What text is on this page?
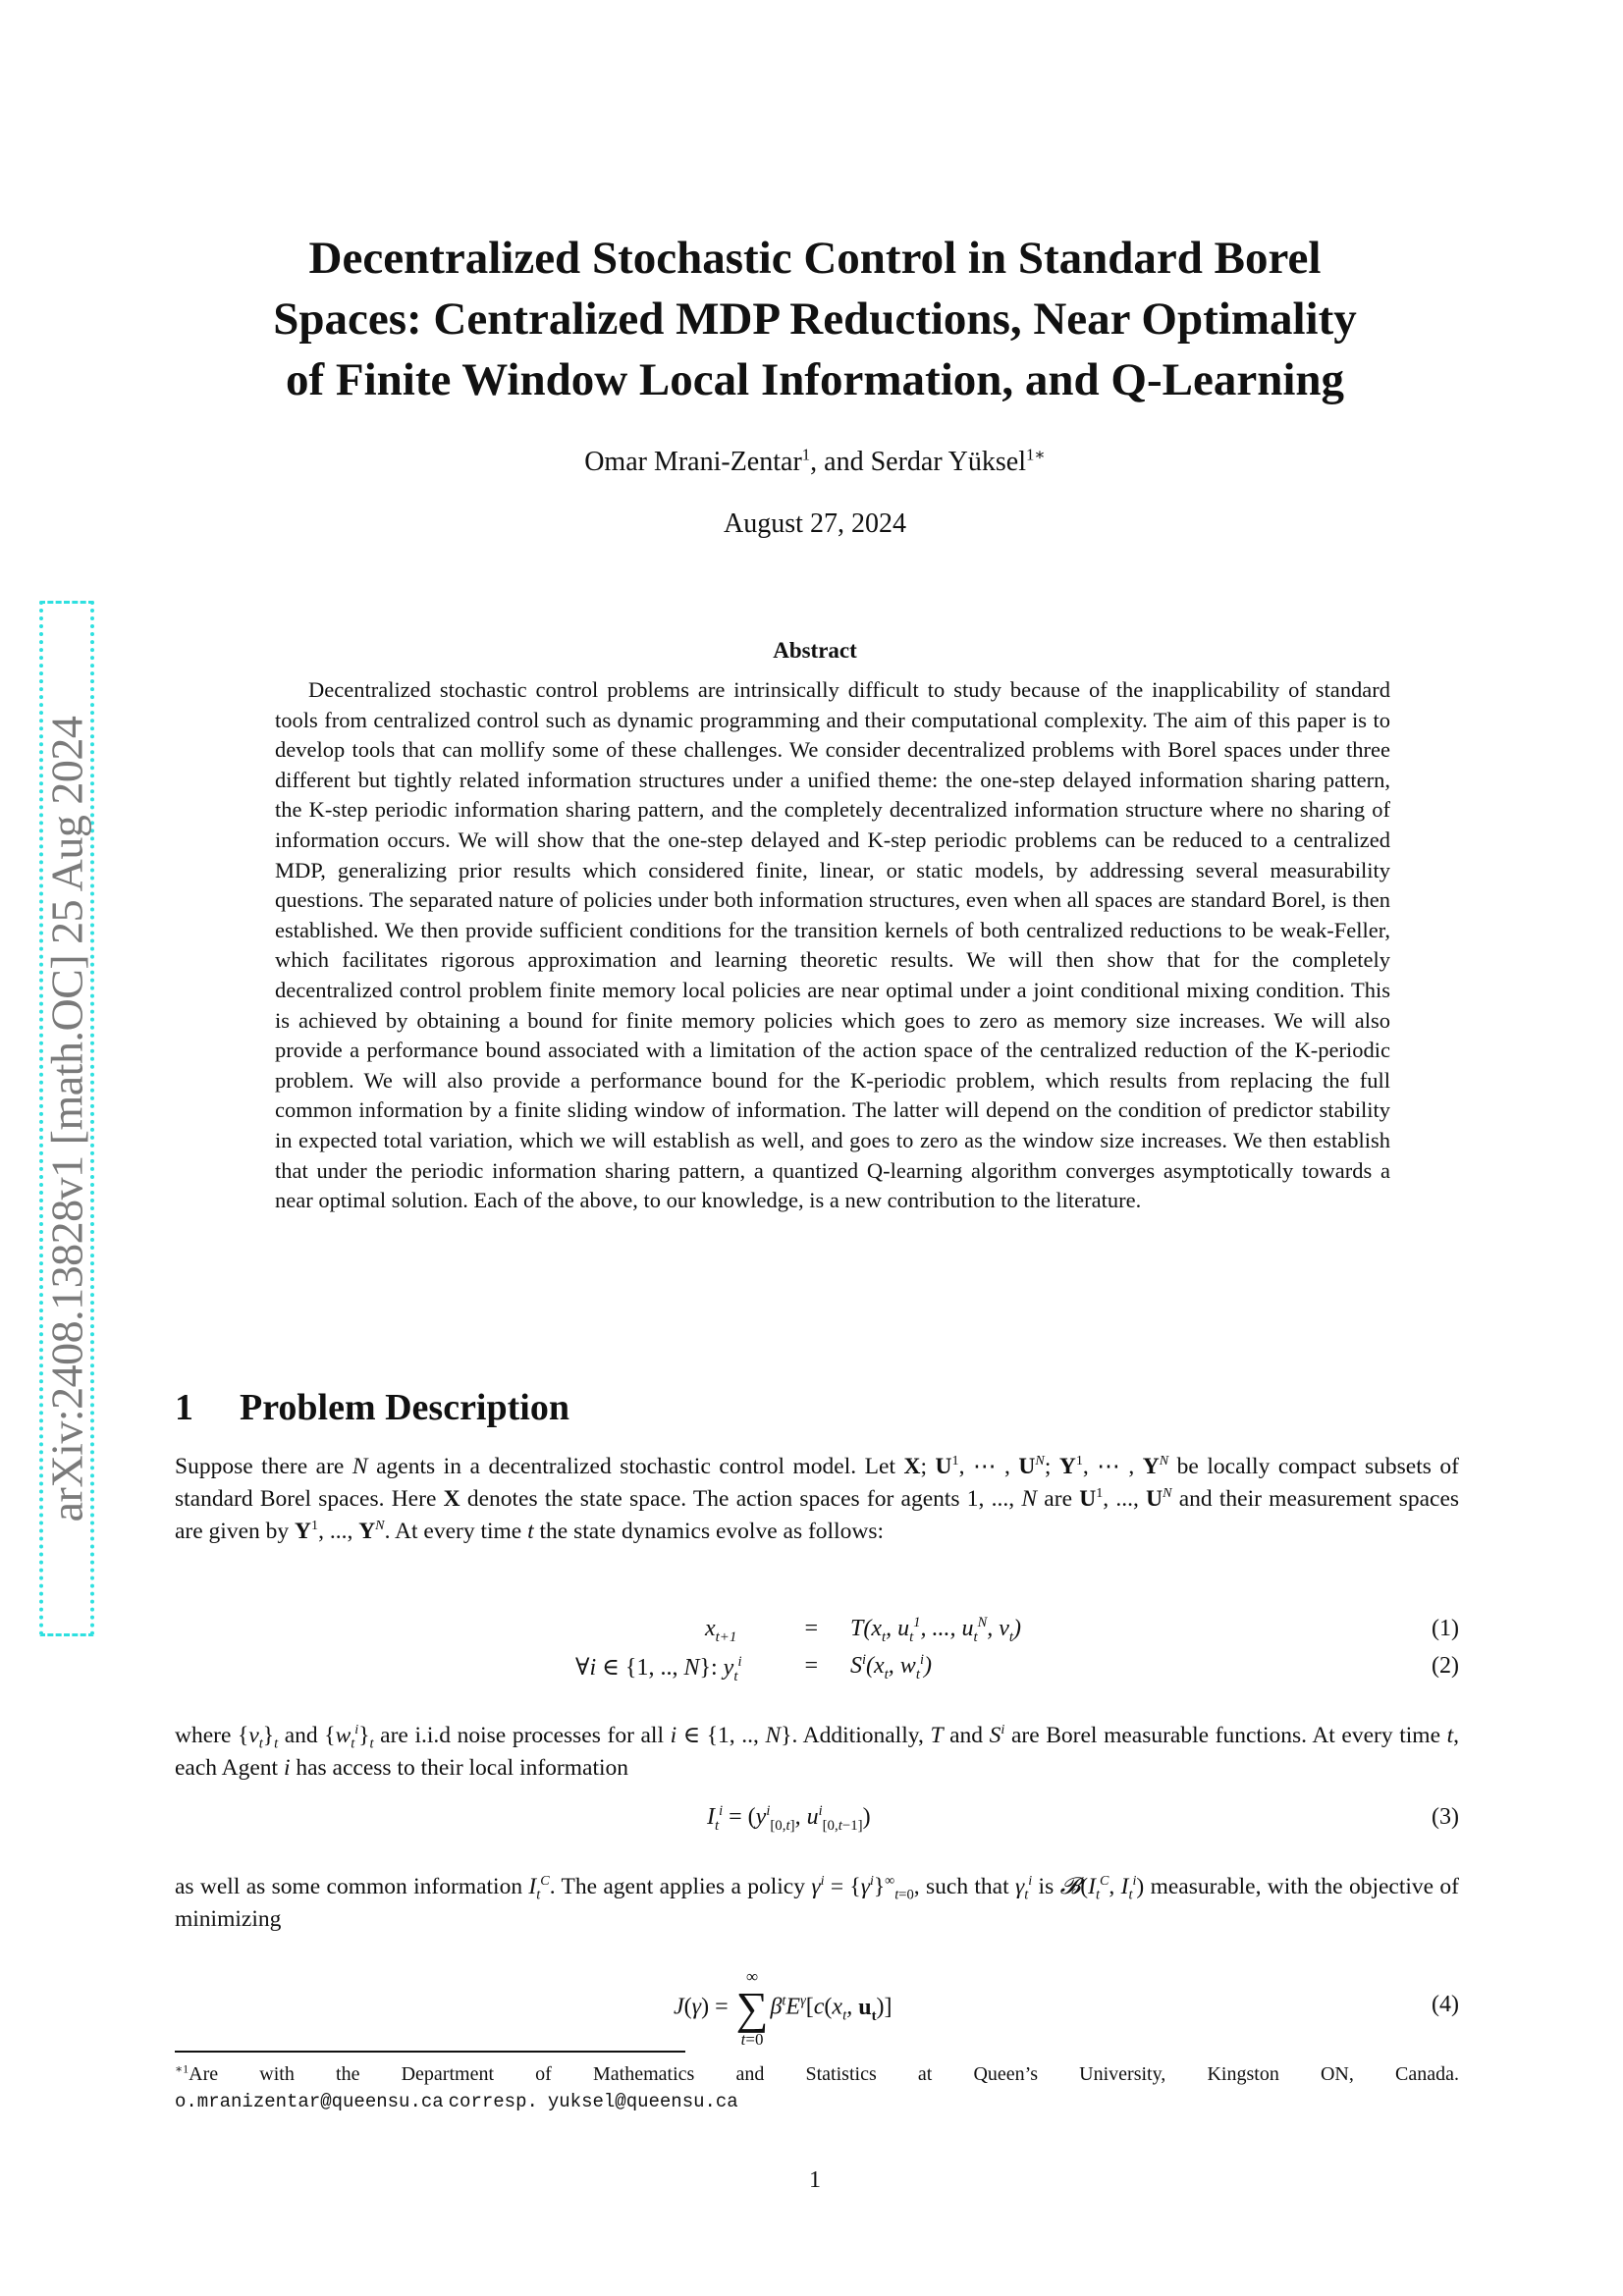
arXiv:2408.13828v1 [math.OC] 25 Aug 2024
Decentralized Stochastic Control in Standard Borel
Spaces: Centralized MDP Reductions, Near Optimality
of Finite Window Local Information, and Q-Learning
Omar Mrani-Zentar$^1$, and Serdar Yüksel$^{1∗}$
August 27, 2024
Abstract
Decentralized stochastic control problems are intrinsically difficult to study because of the inapplicability of standard tools from centralized control such as dynamic programming and their computational complexity. The aim of this paper is to develop tools that can mollify some of these challenges. We consider decentralized problems with Borel spaces under three different but tightly related information structures under a unified theme: the one-step delayed information sharing pattern, the K-step periodic information sharing pattern, and the completely decentralized information structure where no sharing of information occurs. We will show that the one-step delayed and K-step periodic problems can be reduced to a centralized MDP, generalizing prior results which considered finite, linear, or static models, by addressing several measurability questions. The separated nature of policies under both information structures, even when all spaces are standard Borel, is then established. We then provide sufficient conditions for the transition kernels of both centralized reductions to be weak-Feller, which facilitates rigorous approximation and learning theoretic results. We will then show that for the completely decentralized control problem finite memory local policies are near optimal under a joint conditional mixing condition. This is achieved by obtaining a bound for finite memory policies which goes to zero as memory size increases. We will also provide a performance bound associated with a limitation of the action space of the centralized reduction of the K-periodic problem. We will also provide a performance bound for the K-periodic problem, which results from replacing the full common information by a finite sliding window of information. The latter will depend on the condition of predictor stability in expected total variation, which we will establish as well, and goes to zero as the window size increases. We then establish that under the periodic information sharing pattern, a quantized Q-learning algorithm converges asymptotically towards a near optimal solution. Each of the above, to our knowledge, is a new contribution to the literature.
1 Problem Description
Suppose there are N agents in a decentralized stochastic control model. Let X; $U^1$, ⋯ , $U^N$; $Y^1$, ⋯ , $Y^N$ be locally compact subsets of standard Borel spaces. Here X denotes the state space. The action spaces for agents 1, ..., N are $U^1$, ..., $U^N$ and their measurement spaces are given by $Y^1$, ..., $Y^N$. At every time t the state dynamics evolve as follows:
$x_{t+1}$	= $T(x_t$, $u_t^1$, ..., $u_t^N$, $v_t$)	(1)
∀i ∈ {1, .., N}: $y_t^i$	= $S^i(x_t$, $w_t^i$)	(2)
where $\{v_t\}_t$ and $\{w_t^i\}_t$ are i.i.d noise processes for all i ∈ {1, .., N}. Additionally, T and $S^i$ are Borel measurable functions. At every time t, each Agent i has access to their local information
$I_t^i = (y^i_{[0,t]}$, $u^i_{[0,t-1]}$)	(3)
as well as some common information $I_t^C$. The agent applies a policy $\gamma^i = \{\gamma^i\}^\infty_{t=0}$, such that $\gamma_t^i$ is $𝓑(I_t^C$, $I_t^i$) measurable, with the objective of minimizing
J(γ) =
∞
∑
t=0
$\beta^tE^\gamma[c(x_t$, $u_t$)]	(4)
$^{∗1}$Are with the Department of Mathematics and Statistics at Queen’s University, Kingston ON, Canada.
o.mranizentar@queensu.ca corresp. yuksel@queensu.ca
1
